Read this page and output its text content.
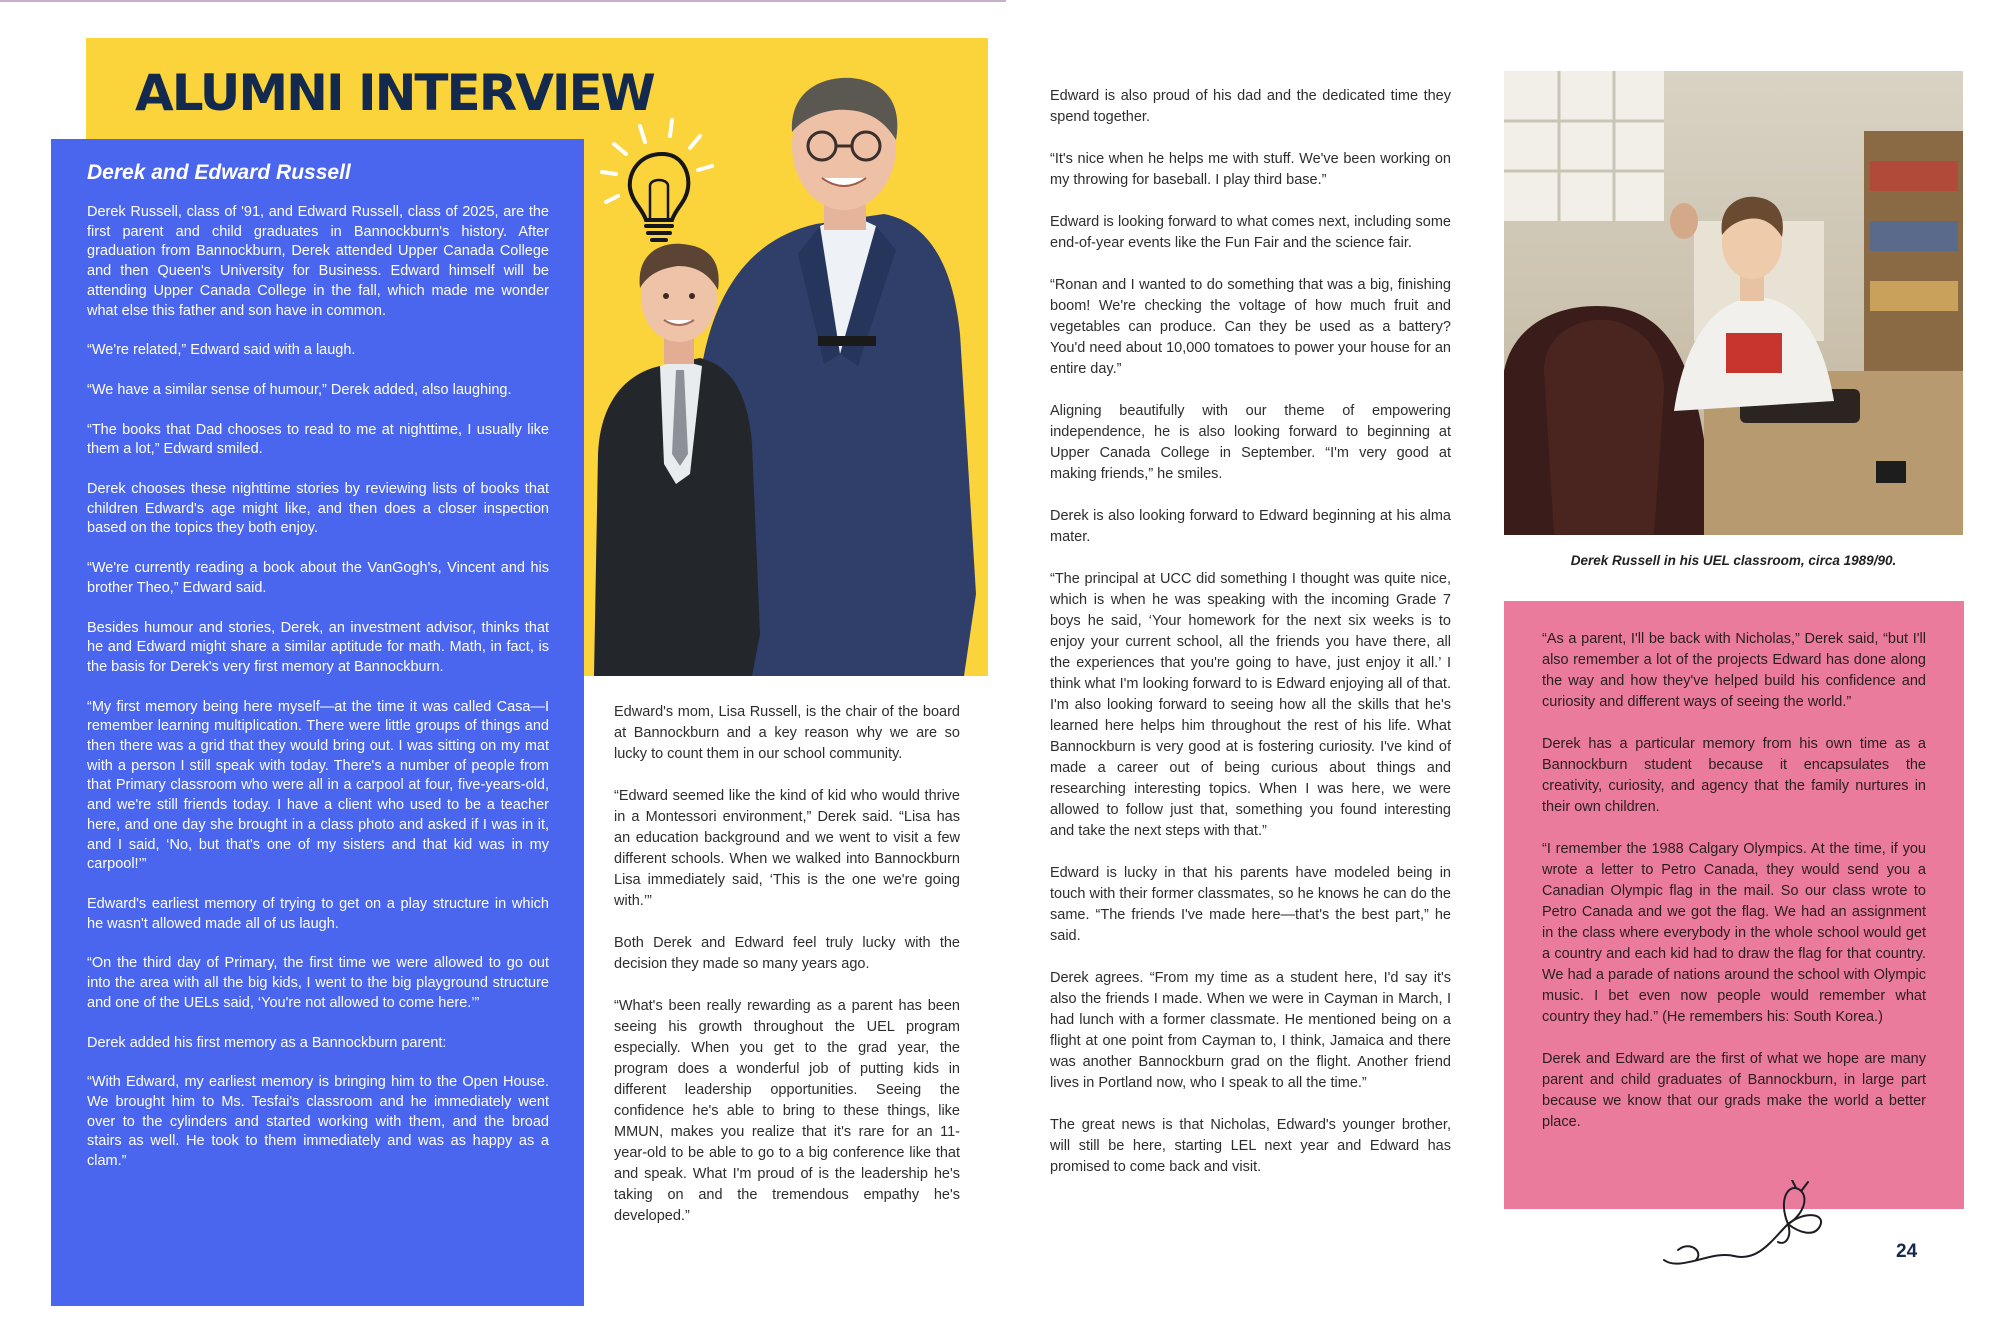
ALUMNI INTERVIEW
Derek and Edward Russell

Derek Russell, class of '91, and Edward Russell, class of 2025, are the first parent and child graduates in Bannockburn's history. After graduation from Bannockburn, Derek attended Upper Canada College and then Queen's University for Business. Edward himself will be attending Upper Canada College in the fall, which made me wonder what else this father and son have in common.

“We're related,” Edward said with a laugh.

“We have a similar sense of humour,” Derek added, also laughing.

“The books that Dad chooses to read to me at nighttime, I usually like them a lot,” Edward smiled.

Derek chooses these nighttime stories by reviewing lists of books that children Edward's age might like, and then does a closer inspection based on the topics they both enjoy.

“We're currently reading a book about the VanGogh's, Vincent and his brother Theo,” Edward said.

Besides humour and stories, Derek, an investment advisor, thinks that he and Edward might share a similar aptitude for math. Math, in fact, is the basis for Derek's very first memory at Bannockburn.

“My first memory being here myself—at the time it was called Casa—I remember learning multiplication. There were little groups of things and then there was a grid that they would bring out. I was sitting on my mat with a person I still speak with today. There's a number of people from that Primary classroom who were all in a carpool at four, five-years-old, and we're still friends today. I have a client who used to be a teacher here, and one day she brought in a class photo and asked if I was in it, and I said, ‘No, but that's one of my sisters and that kid was in my carpool!’”

Edward's earliest memory of trying to get on a play structure in which he wasn't allowed made all of us laugh.

“On the third day of Primary, the first time we were allowed to go out into the area with all the big kids, I went to the big playground structure and one of the UELs said, ‘You're not allowed to come here.’”

Derek added his first memory as a Bannockburn parent:

“With Edward, my earliest memory is bringing him to the Open House. We brought him to Ms. Tesfai's classroom and he immediately went over to the cylinders and started working with them, and the broad stairs as well. He took to them immediately and was as happy as a clam.”

Edward's mom, Lisa Russell, is the chair of the board at Bannockburn and a key reason why we are so lucky to count them in our school community.

“Edward seemed like the kind of kid who would thrive in a Montessori environment,” Derek said. “Lisa has an education background and we went to visit a few different schools. When we walked into Bannockburn Lisa immediately said, ‘This is the one we're going with.’”

Both Derek and Edward feel truly lucky with the decision they made so many years ago.

“What's been really rewarding as a parent has been seeing his growth throughout the UEL program especially. When you get to the grad year, the program does a wonderful job of putting kids in different leadership opportunities. Seeing the confidence he's able to bring to these things, like MMUN, makes you realize that it's rare for an 11-year-old to be able to go to a big conference like that and speak. What I'm proud of is the leadership he's taking on and the tremendous empathy he's developed.”

Edward is also proud of his dad and the dedicated time they spend together.

“It's nice when he helps me with stuff. We've been working on my throwing for baseball. I play third base.”

Edward is looking forward to what comes next, including some end-of-year events like the Fun Fair and the science fair.

“Ronan and I wanted to do something that was a big, finishing boom! We're checking the voltage of how much fruit and vegetables can produce. Can they be used as a battery? You'd need about 10,000 tomatoes to power your house for an entire day.”

Aligning beautifully with our theme of empowering independence, he is also looking forward to beginning at Upper Canada College in September. “I'm very good at making friends,” he smiles.

Derek is also looking forward to Edward beginning at his alma mater.

“The principal at UCC did something I thought was quite nice, which is when he was speaking with the incoming Grade 7 boys he said, ‘Your homework for the next six weeks is to enjoy your current school, all the friends you have there, all the experiences that you're going to have, just enjoy it all.’ I think what I'm looking forward to is Edward enjoying all of that. I'm also looking forward to seeing how all the skills that he's learned here helps him throughout the rest of his life. What Bannockburn is very good at is fostering curiosity. I've kind of made a career out of being curious about things and researching interesting topics. When I was here, we were allowed to follow just that, something you found interesting and take the next steps with that.”

Edward is lucky in that his parents have modeled being in touch with their former classmates, so he knows he can do the same. “The friends I've made here—that's the best part,” he said.

Derek agrees. “From my time as a student here, I'd say it's also the friends I made. When we were in Cayman in March, I had lunch with a former classmate. He mentioned being on a flight at one point from Cayman to, I think, Jamaica and there was another Bannockburn grad on the flight. Another friend lives in Portland now, who I speak to all the time.”

The great news is that Nicholas, Edward's younger brother, will still be here, starting LEL next year and Edward has promised to come back and visit.

Derek Russell in his UEL classroom, circa 1989/90.

“As a parent, I'll be back with Nicholas,” Derek said, “but I'll also remember a lot of the projects Edward has done along the way and how they've helped build his confidence and curiosity and different ways of seeing the world.”

Derek has a particular memory from his own time as a Bannockburn student because it encapsulates the creativity, curiosity, and agency that the family nurtures in their own children.

“I remember the 1988 Calgary Olympics. At the time, if you wrote a letter to Petro Canada, they would send you a Canadian Olympic flag in the mail. So our class wrote to Petro Canada and we got the flag. We had an assignment in the class where everybody in the whole school would get a country and each kid had to draw the flag for that country. We had a parade of nations around the school with Olympic music. I bet even now people would remember what country they had.” (He remembers his: South Korea.)

Derek and Edward are the first of what we hope are many parent and child graduates of Bannockburn, in large part because we know that our grads make the world a better place.

24
